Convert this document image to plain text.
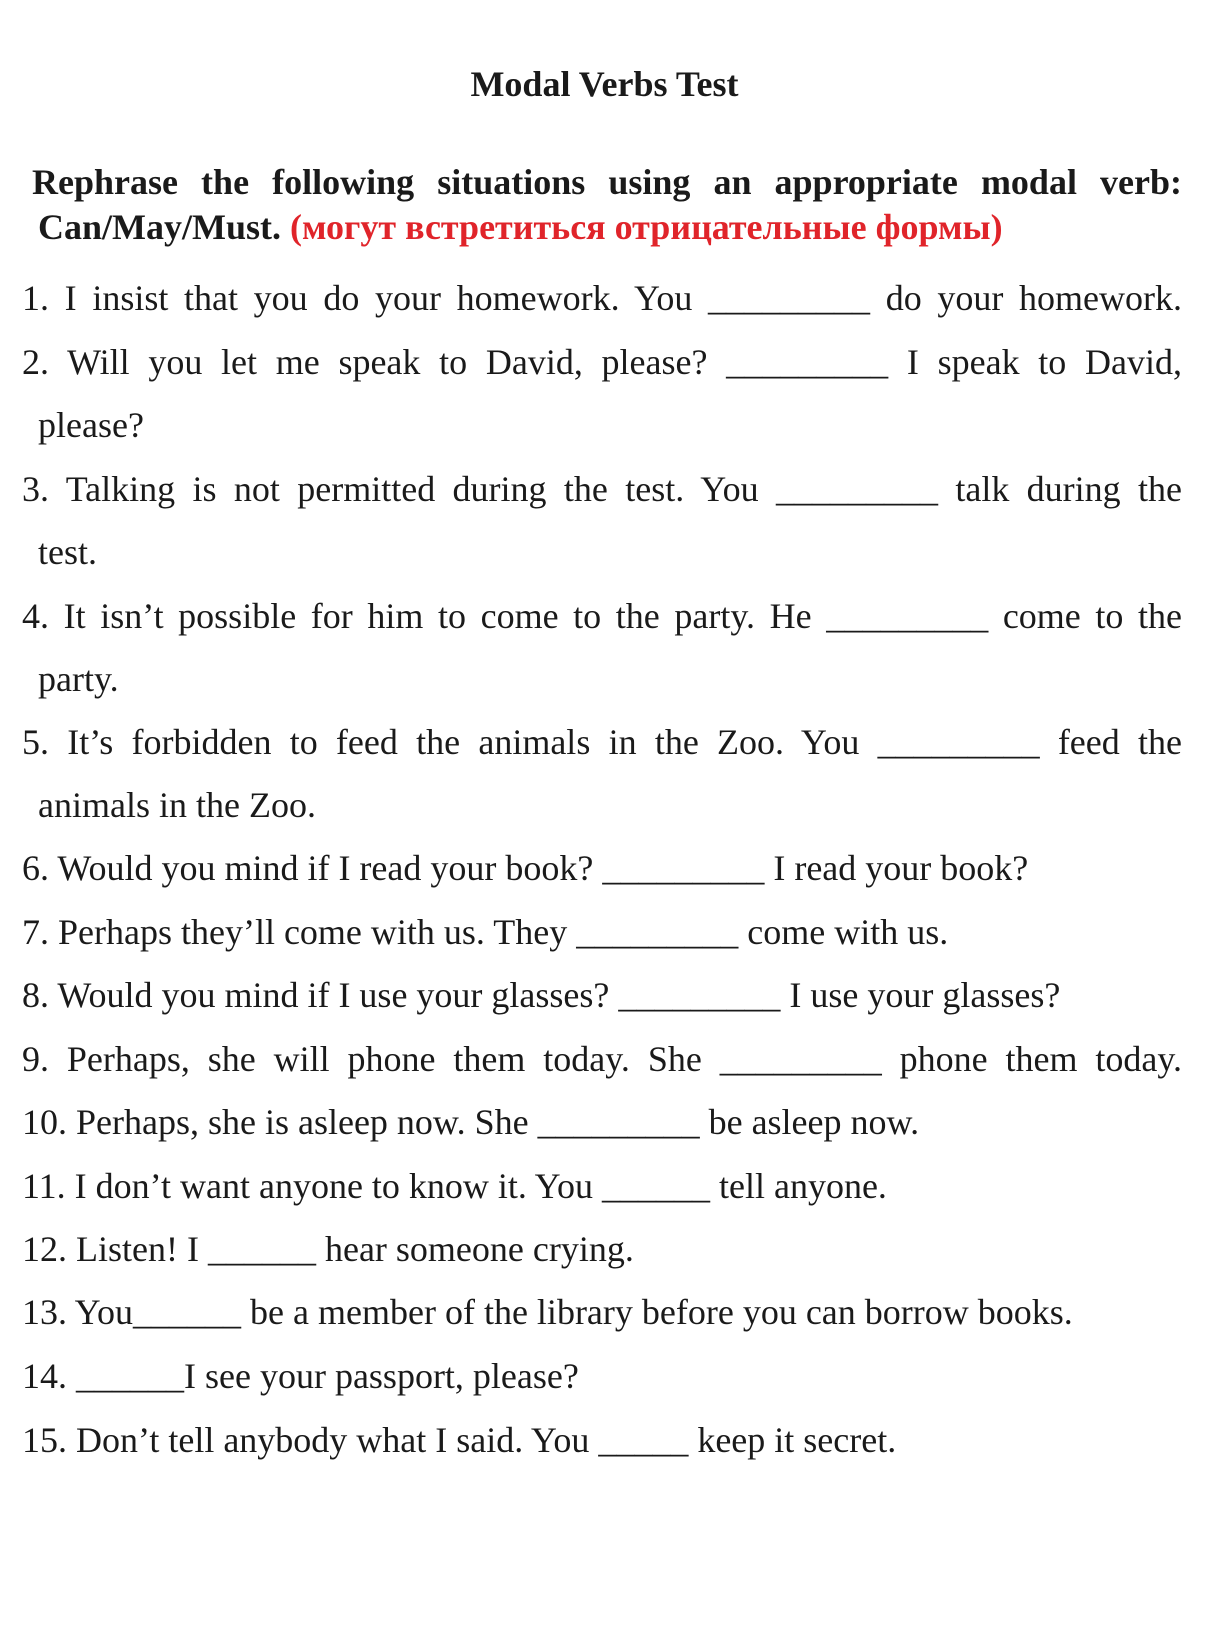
Modal Verbs Test
Rephrase the following situations using an appropriate modal verb:
Can/May/Must. (могут встретиться отрицательные формы)
1. I insist that you do your homework. You _________ do your homework.
2. Will you let me speak to David, please? _________ I speak to David,
please?
3. Talking is not permitted during the test. You _________ talk during the
test.
4. It isn’t possible for him to come to the party. He _________ come to the
party.
5. It’s forbidden to feed the animals in the Zoo. You _________ feed the
animals in the Zoo.
6. Would you mind if I read your book? _________ I read your book?
7. Perhaps they’ll come with us. They _________ come with us.
8. Would you mind if I use your glasses? _________ I use your glasses?
9. Perhaps, she will phone them today. She _________ phone them today.
10. Perhaps, she is asleep now. She _________ be asleep now.
11. I don’t want anyone to know it. You ______ tell anyone.
12. Listen! I ______ hear someone crying.
13. You______ be a member of the library before you can borrow books.
14. ______I see your passport, please?
15. Don’t tell anybody what I said. You _____ keep it secret.
